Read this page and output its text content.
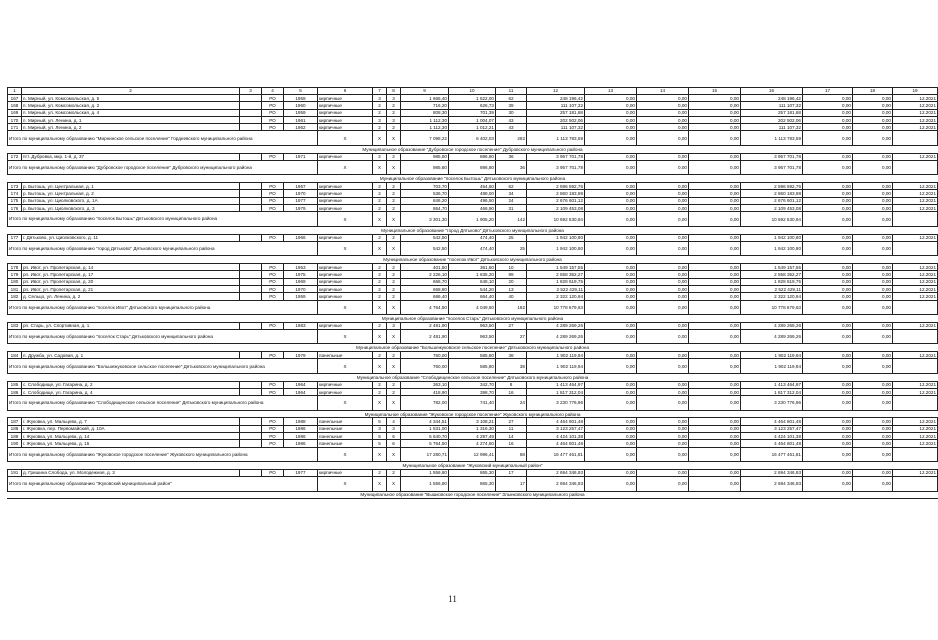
1	2	3	4	5	6	7	8	9	10	11	12	13	14	15	16	17	18	19
167	п. Мирный, ул. Комсомольская, д. 5		РО	1959	кирпичные	3	3	1 666,40	1 522,00	62	248 196,42	0,00	0,00	0,00	248 196,42	0,00	0,00	12.2021
168	п. Мирный, ул. Комсомольская, д. 2		РО	1960	кирпичные	2	2	716,20	626,73	39	111 107,32	0,00	0,00	0,00	111 107,32	0,00	0,00	12.2021
169	п. Мирный, ул. Комсомольская, д. 4		РО	1959	кирпичные	2	2	808,30	701,39	30	257 181,68	0,00	0,00	0,00	257 181,68	0,00	0,00	12.2021
170	п. Мирный, ул. Ленина, д. 1		РО	1961	кирпичные	3	3	1 112,30	1 004,07	43	202 502,06	0,00	0,00	0,00	202 502,06	0,00	0,00	12.2021
171	п. Мирный, ул. Ленина, д. 2		РО	1962	кирпичные	2	2	1 112,30	1 012,21	43	111 107,32	0,00	0,00	0,00	111 107,32	0,00	0,00	12.2021
Итого по муниципальному образованию "Мирнинское сельское поселение" Гордеевского муниципального района					X	X	X	7 098,22	6 402,03	282	1 113 783,59	0,00	0,00	0,00	1 113 783,59	0,00	0,00	
Муниципальное образование "Дубровское городское поселение" Дубровского муниципального района																		
172	пгт. Дубровка, мкр. 1-й, д. 37		РО	1971	кирпичные	2	2	985,60	896,80	36	3 957 701,78	0,00	0,00	0,00	3 957 701,78	0,00	0,00	12.2021
Итого по муниципальному образованию "Дубровское городское поселение" Дубровского муниципального района					X	X	X	985,60	896,80	36	3 957 701,78	0,00	0,00	0,00	3 957 701,78	0,00	0,00	
Муниципальное образование "поселок Бытошь" Дятьковского муниципального района																		
173	р. Бытошь, ул. Центральная, д. 1		РО	1967	кирпичные	2	2	703,70	454,60	62	2 596 592,76	0,00	0,00	0,00	2 596 592,76	0,00	0,00	12.2021
174	р. Бытошь, ул. Центральная, д. 2		РО	1970	кирпичные	2	2	536,70	488,00	34	2 860 183,98	0,00	0,00	0,00	2 860 183,98	0,00	0,00	12.2021
175	р. Бытошь, ул. Циолковского, д. 1А		РО	1977	кирпичные	2	2	846,20	496,50	24	2 676 601,12	0,00	0,00	0,00	2 676 601,12	0,00	0,00	12.2021
176	р. Бытошь, ул. Циолковского, д. 3		РО	1979	кирпичные	2	2	864,70	466,90	31	2 109 453,08	0,00	0,00	0,00	2 109 453,08	0,00	0,00	12.2021
Итого по муниципальному образованию "поселок Бытошь" Дятьковского муниципального района					X	X	X	3 301,30	1 905,20	142	10 692 530,94	0,00	0,00	0,00	10 692 530,94	0,00	0,00	
Муниципальное образование "город Дятьково" Дятьковского муниципального района																		
177	г. Дятьково, ул. Циолковского, д. 11		РО	1966	кирпичные	2	2	542,50	474,40	25	1 942 100,80	0,00	0,00	0,00	1 942 100,80	0,00	0,00	12.2021
Итого по муниципальному образованию "город Дятьково" Дятьковского муниципального района					X	X	X	542,50	474,40	25	1 942 100,80	0,00	0,00	0,00	1 942 100,80	0,00	0,00	
Муниципальное образование "поселок Ивот" Дятьковского муниципального района																		
178	рп. Ивот, ул. Пролетарская, д. 14		РО	1953	кирпичные	2	2	401,50	361,60	10	1 549 157,55	0,00	0,00	0,00	1 549 157,55	0,00	0,00	12.2021
179	рп. Ивот, ул. Пролетарская, д. 17		РО	1975	кирпичные	2	2	2 226,10	1 835,20	99	2 558 352,27	0,00	0,00	0,00	2 558 352,27	0,00	0,00	12.2021
180	рп. Ивот, ул. Пролетарская, д. 20		РО	1969	кирпичные	2	2	666,70	648,10	20	1 828 619,75	0,00	0,00	0,00	1 828 619,75	0,00	0,00	12.2021
181	рп. Ивот, ул. Пролетарская, д. 21		РО	1970	кирпичные	2	2	668,80	544,20	13	2 522 429,11	0,00	0,00	0,00	2 522 429,11	0,00	0,00	12.2021
182	д. Сельцо, ул. Ленина, д. 2		РО	1959	кирпичные	2	2	686,40	664,40	40	2 322 120,94	0,00	0,00	0,00	2 322 120,94	0,00	0,00	12.2021
Итого по муниципальному образованию "поселок Ивот" Дятьковского муниципального района					X	X	X	4 764,50	4 049,50	182	10 778 679,63	0,00	0,00	0,00	10 778 679,63	0,00	0,00	
Муниципальное образование "поселок Старь" Дятьковского муниципального района																		
183	рп. Старь, ул. Спортивная, д. 1		РО	1983	кирпичные	2	3	2 481,90	963,50	27	4 289 269,26	0,00	0,00	0,00	4 289 269,26	0,00	0,00	12.2021
Итого по муниципальному образованию "поселок Старь" Дятьковского муниципального района					X	X	X	2 481,90	963,50	27	4 289 269,26	0,00	0,00	0,00	4 289 269,26	0,00	0,00	
Муниципальное образование "Большежуковское сельское поселение" Дятьковского муниципального района																		
184	п. Дружба, ул. Садовая, д. 1		РО	1979	панельные	2	2	760,00	585,80	38	1 902 119,94	0,00	0,00	0,00	1 902 119,94	0,00	0,00	12.2021
Итого по муниципальному образованию "Большежуковское сельское поселение" Дятьковского муниципального района					X	X	X	760,00	585,80	38	1 902 119,94	0,00	0,00	0,00	1 902 119,94	0,00	0,00	
Муниципальное образование "Слободищенское сельское поселение" Дятьковского муниципального района																		
185	с. Слободище, ул. Гагарина, д. 2		РО	1964	кирпичные	2	2	363,10	342,70	8	1 413 464,97	0,00	0,00	0,00	1 413 464,97	0,00	0,00	12.2021
186	с. Слободище, ул. Гагарина, д. 4		РО	1964	кирпичные	2	2	418,90	398,70	16	1 817 312,04	0,00	0,00	0,00	1 817 312,04	0,00	0,00	12.2021
Итого по муниципальному образованию "Слободищенское сельское поселение" Дятьковского муниципального района					X	X	X	782,00	741,40	24	3 230 776,96	0,00	0,00	0,00	3 230 776,96	0,00	0,00	
Муниципальное образование "Жуковское городское поселение" Жуковского муниципального района																		
187	г. Жуковка, ул. Мальцева, д. 7		РО	1988	панельные	5	4	4 344,51	3 108,21	27	4 464 801,48	0,00	0,00	0,00	4 464 801,48	0,00	0,00	12.2021
188	г. Жуковка, пер. Первомайский, д. 10А		РО	1986	панельные	3	3	1 531,00	1 316,30	11	3 123 257,47	0,00	0,00	0,00	3 123 257,47	0,00	0,00	12.2021
189	г. Жуковка, ул. Мальцева, д. 14		РО	1986	панельные	5	6	5 640,70	4 297,49	14	4 424 101,38	0,00	0,00	0,00	4 424 101,38	0,00	0,00	12.2021
190	г. Жуковка, ул. Мальцева, д. 15		РО	1986	панельные	5	6	5 764,50	4 274,60	16	4 464 801,48	0,00	0,00	0,00	4 464 801,48	0,00	0,00	12.2021
Итого по муниципальному образованию "Жуковское городское поселение" Жуковского муниципального района					X	X	X	17 280,71	12 996,41	68	16 477 461,81	0,00	0,00	0,00	16 477 461,81	0,00	0,00	
Муниципальное образование "Жуковский муниципальный район"																		
191	д. Гришина Слобода, ул. Молодежная, д. 3		РО	1977	кирпичные	2	2	1 556,80	865,30	17	2 694 346,93	0,00	0,00	0,00	2 694 346,93	0,00	0,00	12.2021
Итого по муниципальному образованию "Жуковский муниципальный район"					X	X	X	1 556,80	865,30	17	2 694 346,93	0,00	0,00	0,00	2 694 346,93	0,00	0,00	
Муниципальное образование "Вышковское городское поселение" Злынковского муниципального района																		
11
